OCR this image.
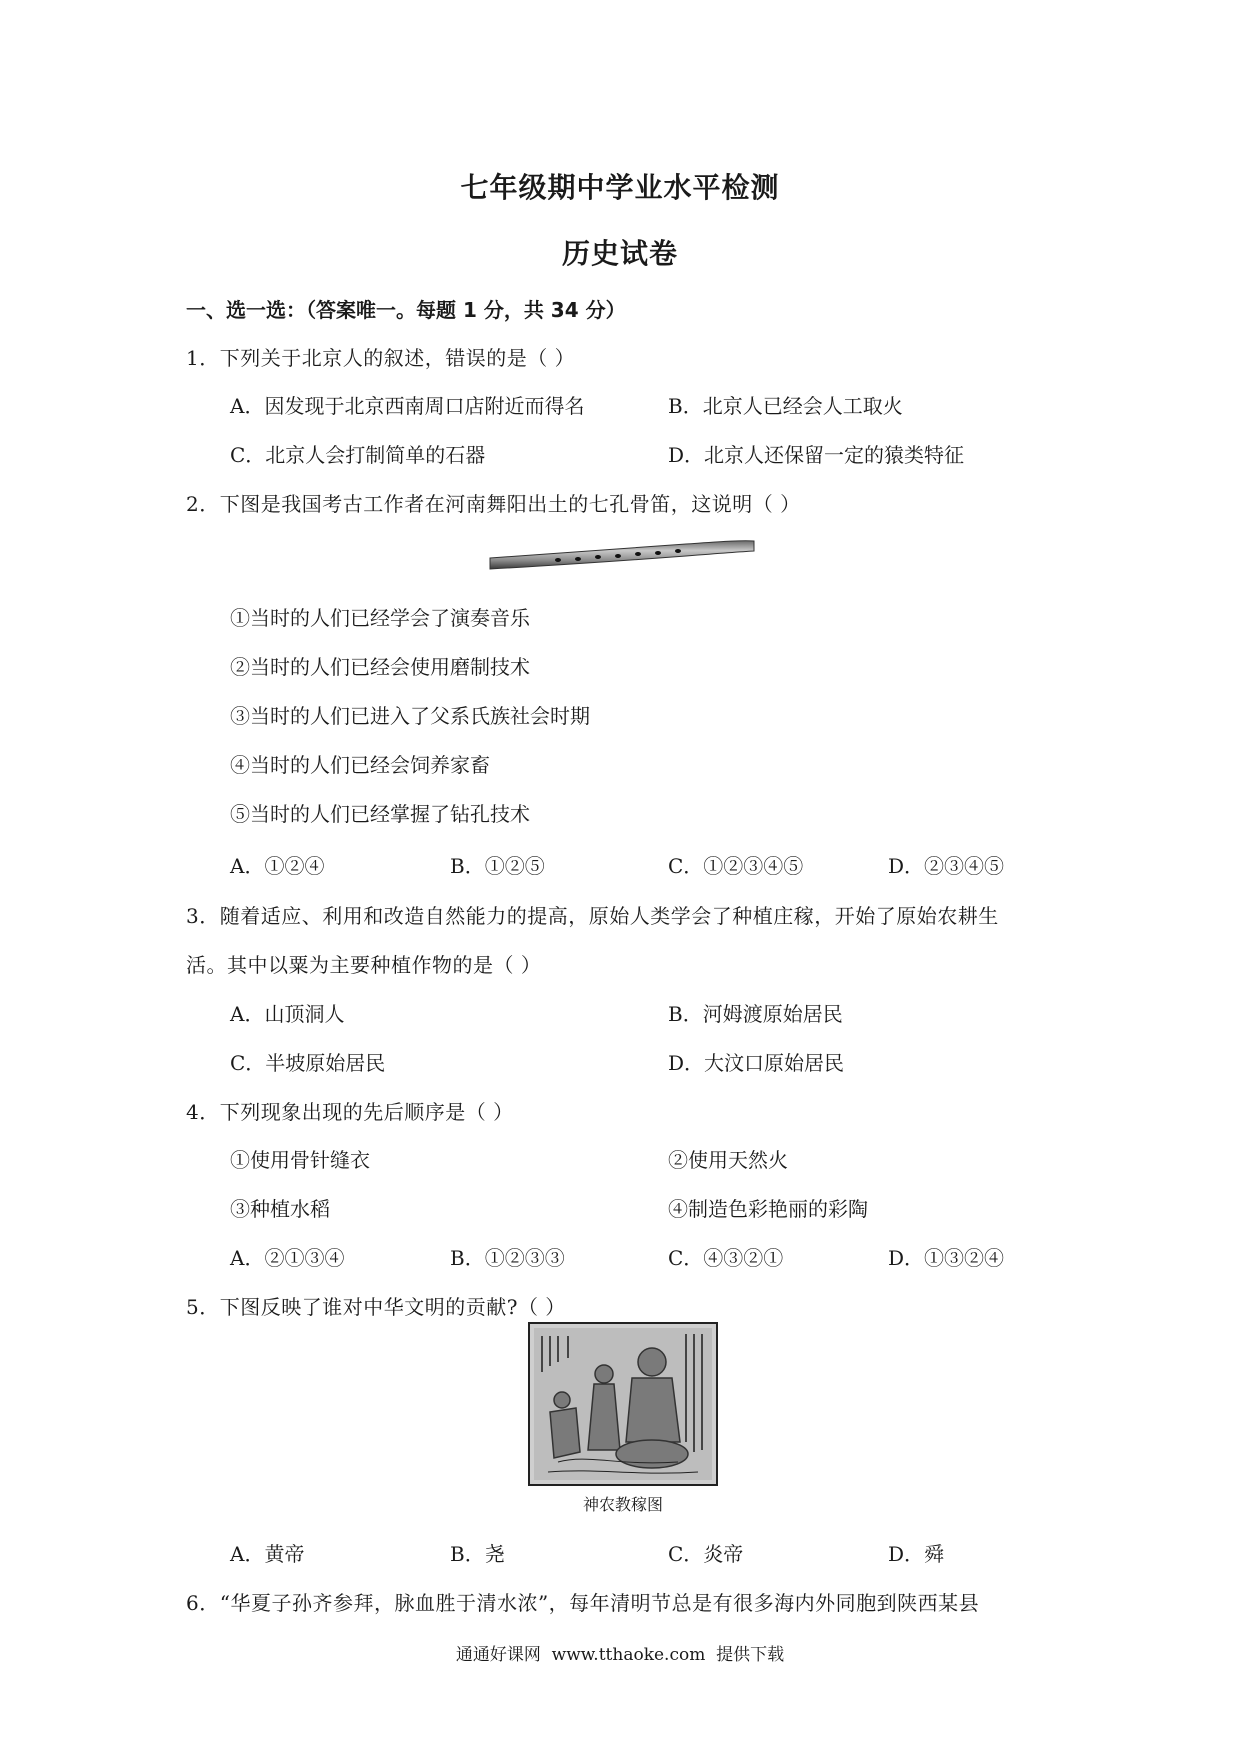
七年级期中学业水平检测
历史试卷
一、选一选：（答案唯一。每题 1 分，共 34 分）
1．下列关于北京人的叙述，错误的是（ ）
A．因发现于北京西南周口店附近而得名	B．北京人已经会人工取火
C．北京人会打制简单的石器	D．北京人还保留一定的猿类特征
2．下图是我国考古工作者在河南舞阳出土的七孔骨笛，这说明（ ）
①当时的人们已经学会了演奏音乐
②当时的人们已经会使用磨制技术
③当时的人们已进入了父系氏族社会时期
④当时的人们已经会饲养家畜
⑤当时的人们已经掌握了钻孔技术
A．①②④	B．①②⑤	C．①②③④⑤	D．②③④⑤
3．随着适应、利用和改造自然能力的提高，原始人类学会了种植庄稼，开始了原始农耕生
活。其中以粟为主要种植作物的是（ ）
A．山顶洞人	B．河姆渡原始居民
C．半坡原始居民	D．大汶口原始居民
4．下列现象出现的先后顺序是（ ）
①使用骨针缝衣	②使用天然火
③种植水稻	④制造色彩艳丽的彩陶
A．②①③④	B．①②③③	C．④③②①	D．①③②④
5．下图反映了谁对中华文明的贡献?（ ）
神农教稼图
A．黄帝	B．尧	C．炎帝	D．舜
6．“华夏子孙齐参拜，脉血胜于清水浓”，每年清明节总是有很多海内外同胞到陕西某县
通通好课网  www.tthaoke.com  提供下载
